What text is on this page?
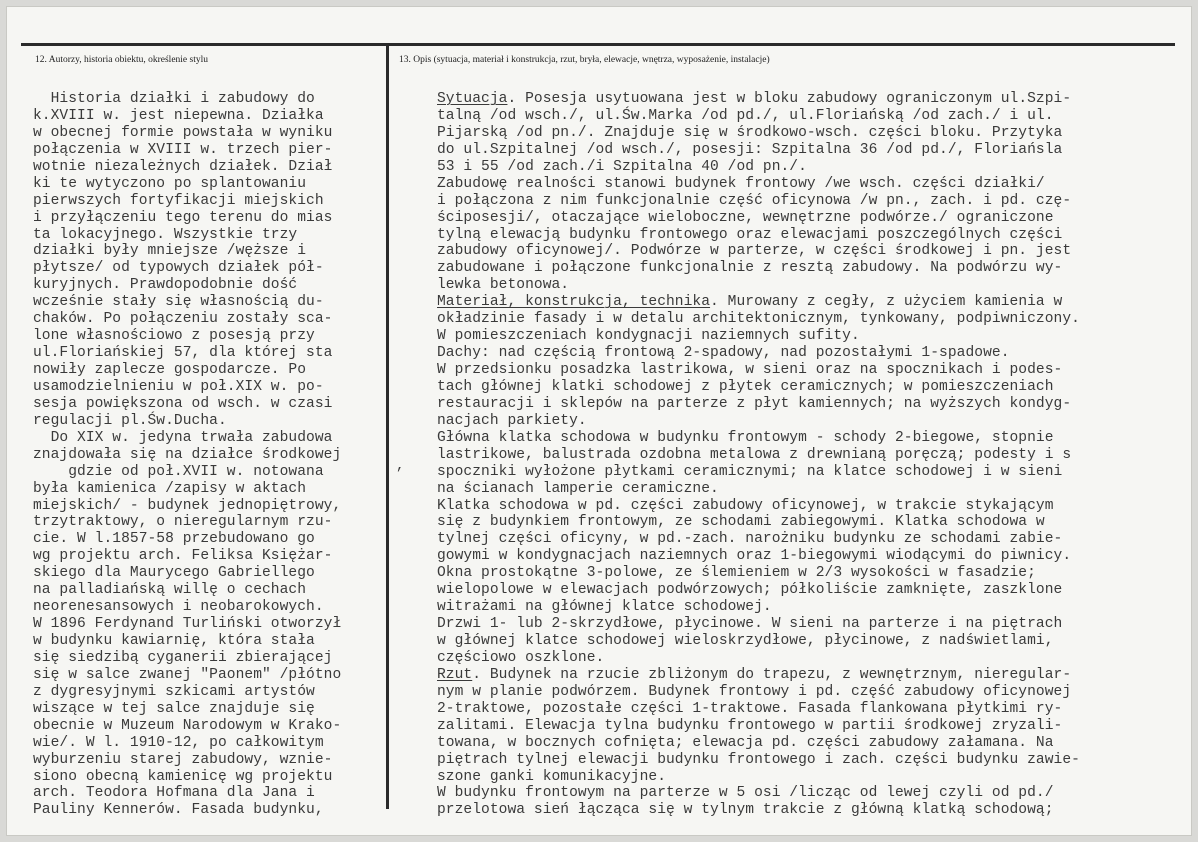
12. Autorzy, historia obiektu, określenie stylu	13. Opis (sytuacja, materiał i konstrukcja, rzut, bryła, elewacje, wnętrza, wyposażenie, instalacje)
Historia działki i zabudowy do
k.XVIII w. jest niepewna. Działka
w obecnej formie powstała w wyniku
połączenia w XVIII w. trzech pier-
wotnie niezależnych działek. Dział
ki te wytyczono po splantowaniu
pierwszych fortyfikacji miejskich
i przyłączeniu tego terenu do mias
ta lokacyjnego. Wszystkie trzy
działki były mniejsze /węższe i
płytsze/ od typowych działek pół-
kuryjnych. Prawdopodobnie dość
wcześnie stały się własnością du-
chaków. Po połączeniu zostały sca-
lone własnościowo z posesją przy
ul.Floriańskiej 57, dla której sta
nowiły zaplecze gospodarcze. Po
usamodzielnieniu w poł.XIX w. po-
sesja powiększona od wsch. w czasi
regulacji pl.Św.Ducha.
Do XIX w. jedyna trwała zabudowa
znajdowała się na działce środkowej
gdzie od poł.XVII w. notowana
była kamienica /zapisy w aktach
miejskich/ - budynek jednopiętrowy,
trzytraktowy, o nieregularnym rzu-
cie. W l.1857-58 przebudowano go
wg projektu arch. Feliksa Księżar-
skiego dla Maurycego Gabriellego
na palladiańską willę o cechach
neorenesansowych i neobarokowych.
W 1896 Ferdynand Turliński otworzył
w budynku kawiarnię, która stała
się siedzibą cyganerii zbierającej
się w salce zwanej "Paonem" /płótno
z dygresyjnymi szkicami artystów
wiszące w tej salce znajduje się
obecnie w Muzeum Narodowym w Krako-
wie/. W l. 1910-12, po całkowitym
wyburzeniu starej zabudowy, wznie-
siono obecną kamienicę wg projektu
arch. Teodora Hofmana dla Jana i
Pauliny Kennerów. Fasada budynku,
,
Sytuacja. Posesja usytuowana jest w bloku zabudowy ograniczonym ul.Szpi-
talną /od wsch./, ul.Św.Marka /od pd./, ul.Floriańską /od zach./ i ul.
Pijarską /od pn./. Znajduje się w środkowo-wsch. części bloku. Przytyka
do ul.Szpitalnej /od wsch./, posesji: Szpitalna 36 /od pd./, Floriańsla
53 i 55 /od zach./i Szpitalna 40 /od pn./.
Zabudowę realności stanowi budynek frontowy /we wsch. części działki/
i połączona z nim funkcjonalnie część oficynowa /w pn., zach. i pd. czę-
ściposesji/, otaczające wieloboczne, wewnętrzne podwórze./ ograniczone
tylną elewacją budynku frontowego oraz elewacjami poszczególnych części
zabudowy oficynowej/. Podwórze w parterze, w części środkowej i pn. jest
zabudowane i połączone funkcjonalnie z resztą zabudowy. Na podwórzu wy-
lewka betonowa.
Materiał, konstrukcja, technika. Murowany z cegły, z użyciem kamienia w
okładzinie fasady i w detalu architektonicznym, tynkowany, podpiwniczony.
W pomieszczeniach kondygnacji naziemnych sufity.
Dachy: nad częścią frontową 2-spadowy, nad pozostałymi 1-spadowe.
W przedsionku posadzka lastrikowa, w sieni oraz na spocznikach i podes-
tach głównej klatki schodowej z płytek ceramicznych; w pomieszczeniach
restauracji i sklepów na parterze z płyt kamiennych; na wyższych kondyg-
nacjach parkiety.
Główna klatka schodowa w budynku frontowym - schody 2-biegowe, stopnie
lastrikowe, balustrada ozdobna metalowa z drewnianą poręczą; podesty i s
spoczniki wyłożone płytkami ceramicznymi; na klatce schodowej i w sieni
na ścianach lamperie ceramiczne.
Klatka schodowa w pd. części zabudowy oficynowej, w trakcie stykającym
się z budynkiem frontowym, ze schodami zabiegowymi. Klatka schodowa w
tylnej części oficyny, w pd.-zach. narożniku budynku ze schodami zabie-
gowymi w kondygnacjach naziemnych oraz 1-biegowymi wiodącymi do piwnicy.
Okna prostokątne 3-polowe, ze ślemieniem w 2/3 wysokości w fasadzie;
wielopolowe w elewacjach podwórzowych; półkoliście zamknięte, zaszklone
witrażami na głównej klatce schodowej.
Drzwi 1- lub 2-skrzydłowe, płycinowe. W sieni na parterze i na piętrach
w głównej klatce schodowej wieloskrzydłowe, płycinowe, z nadświetlami,
częściowo oszklone.
Rzut. Budynek na rzucie zbliżonym do trapezu, z wewnętrznym, nieregular-
nym w planie podwórzem. Budynek frontowy i pd. część zabudowy oficynowej
2-traktowe, pozostałe części 1-traktowe. Fasada flankowana płytkimi ry-
zalitami. Elewacja tylna budynku frontowego w partii środkowej zryzali-
towana, w bocznych cofnięta; elewacja pd. części zabudowy załamana. Na
piętrach tylnej elewacji budynku frontowego i zach. części budynku zawie-
szone ganki komunikacyjne.
W budynku frontowym na parterze w 5 osi /licząc od lewej czyli od pd./
przelotowa sień łącząca się w tylnym trakcie z główną klatką schodową;
